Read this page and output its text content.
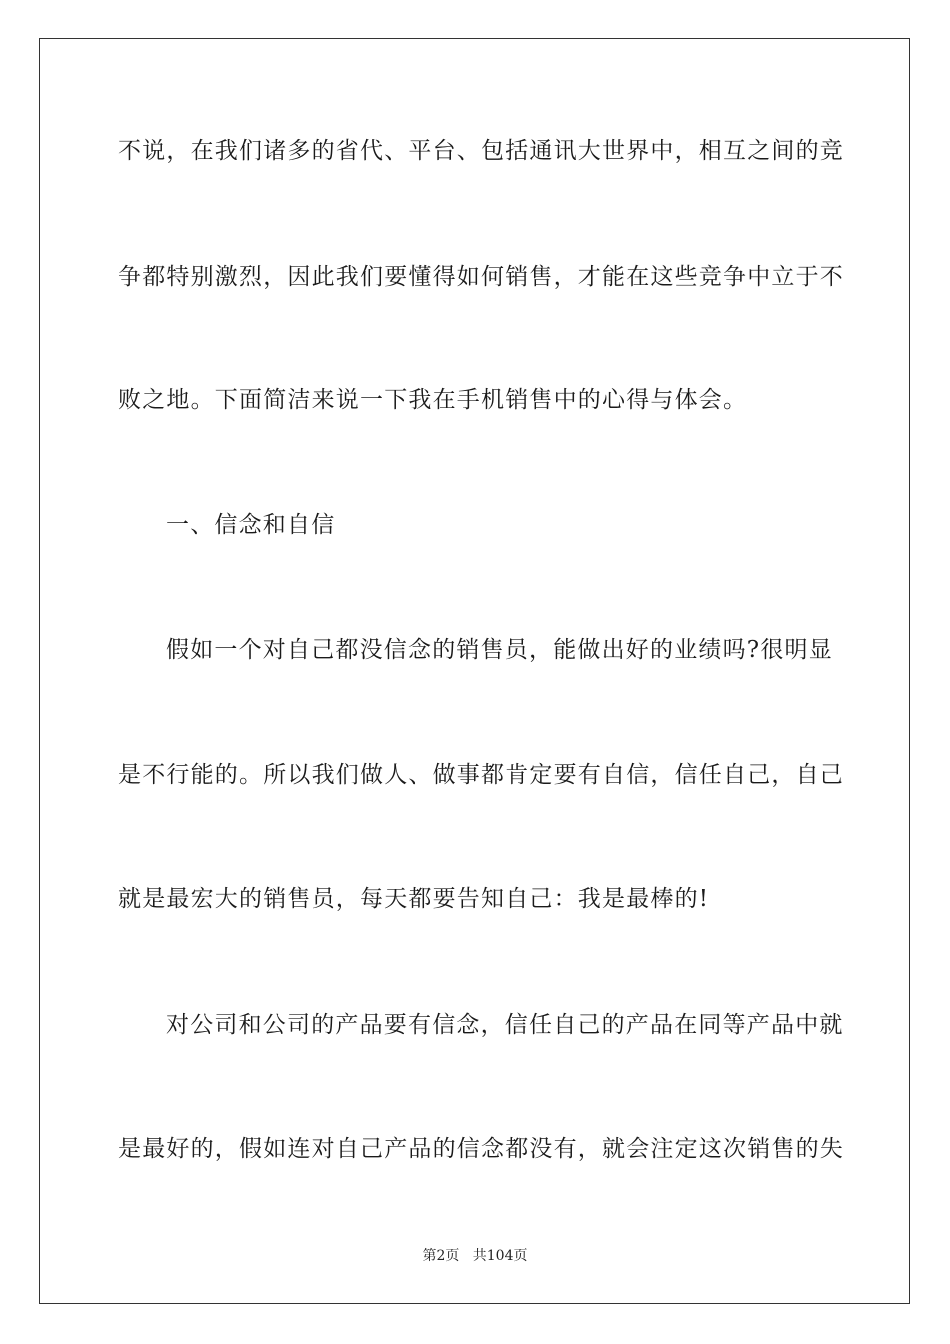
不说，在我们诸多的省代、平台、包括通讯大世界中，相互之间的竞
争都特别激烈，因此我们要懂得如何销售，才能在这些竞争中立于不
败之地。下面简洁来说一下我在手机销售中的心得与体会。
一、信念和自信
假如一个对自己都没信念的销售员，能做出好的业绩吗?很明显
是不行能的。所以我们做人、做事都肯定要有自信，信任自己，自己
就是最宏大的销售员，每天都要告知自己：我是最棒的!
对公司和公司的产品要有信念，信任自己的产品在同等产品中就
是最好的，假如连对自己产品的信念都没有，就会注定这次销售的失
第2页   共104页
